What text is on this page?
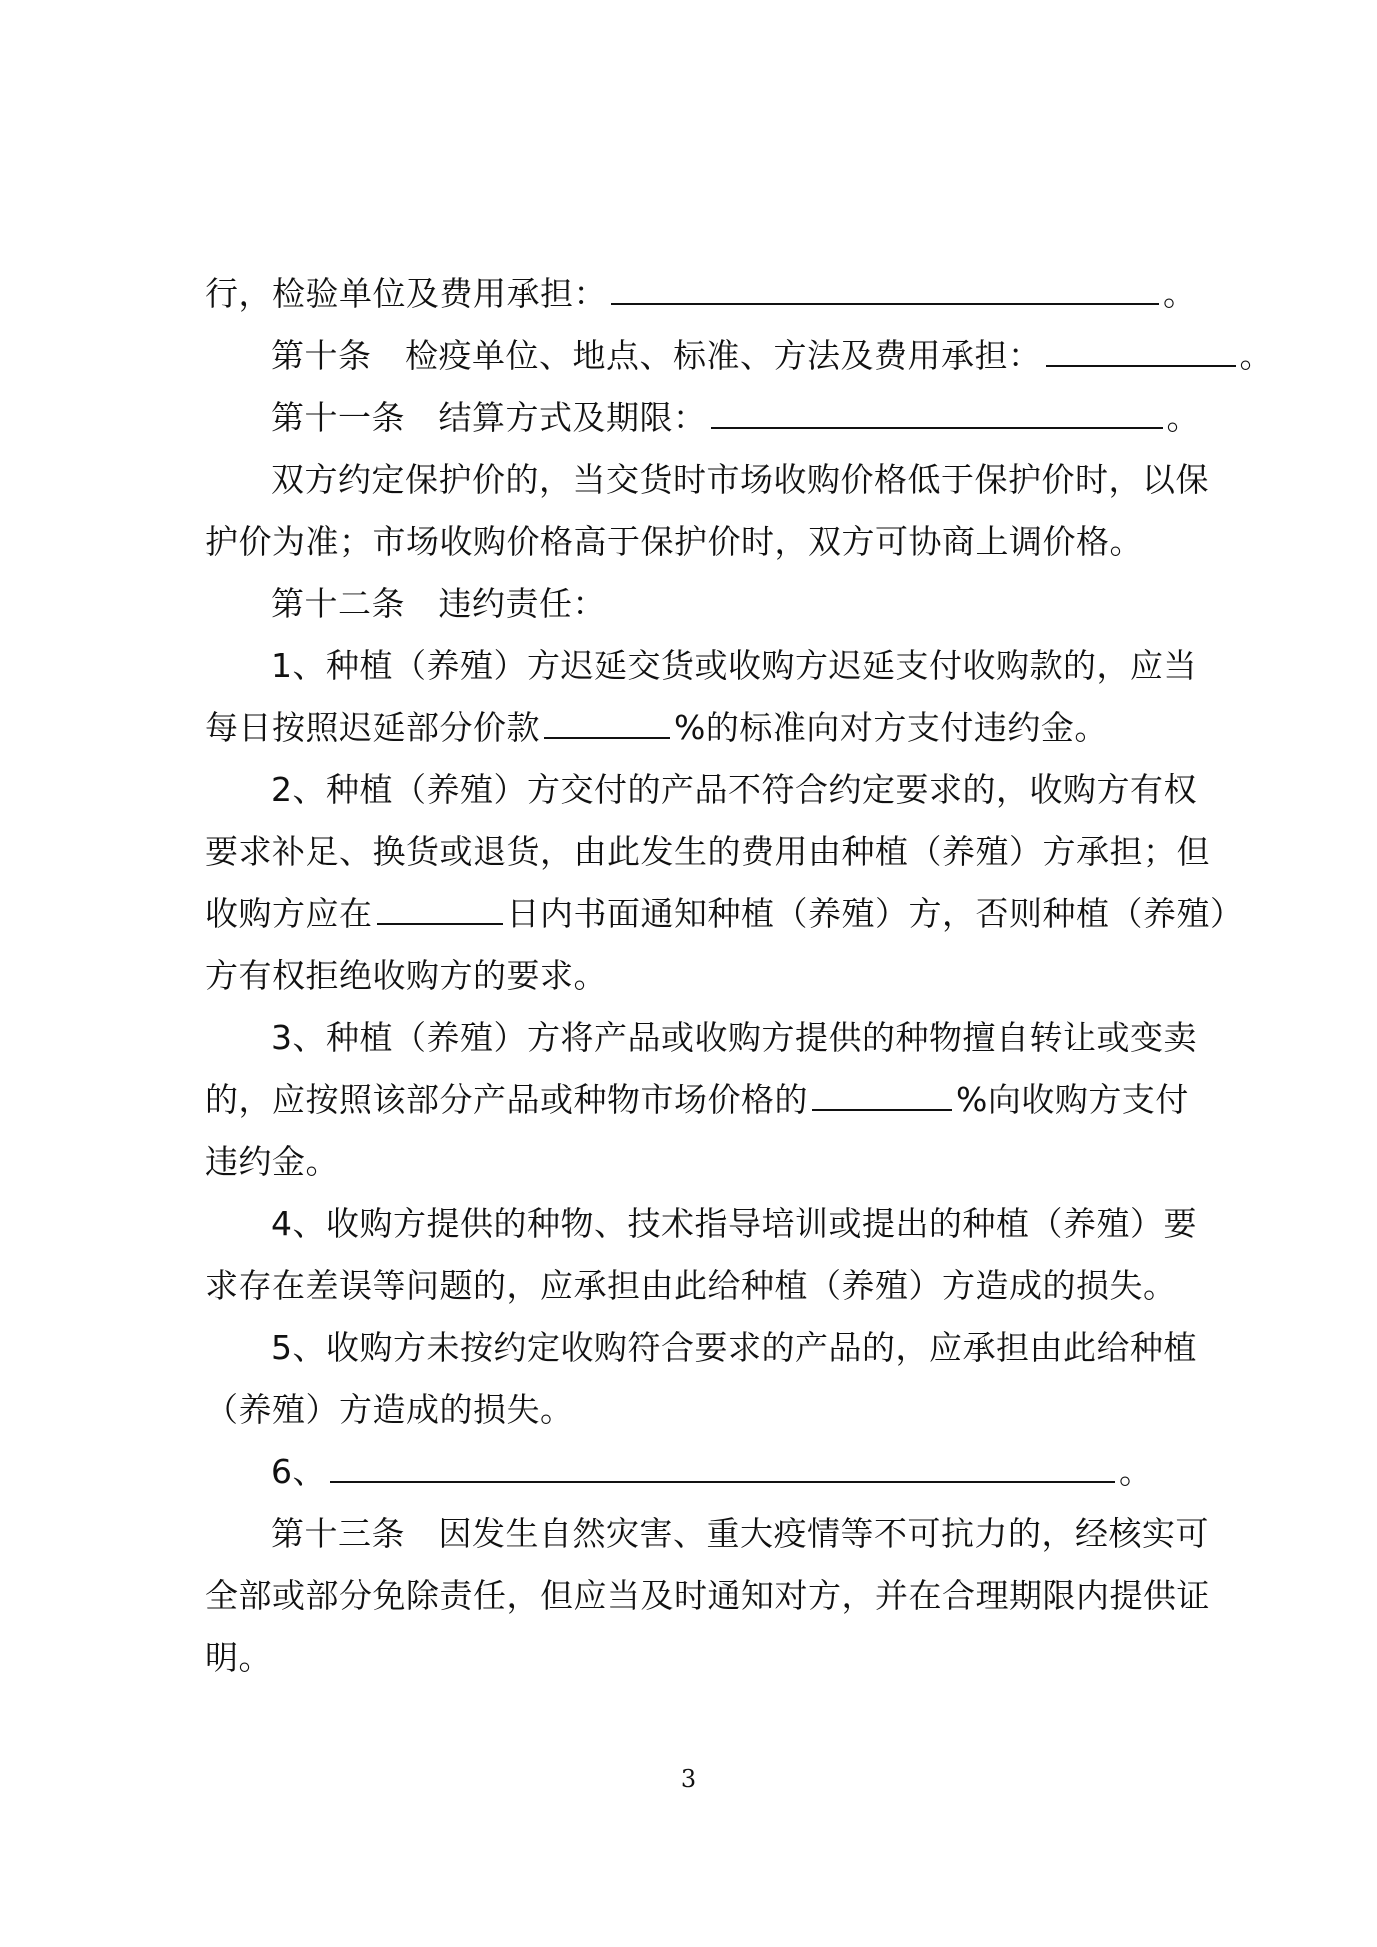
行，检验单位及费用承担：	。
第十条　检疫单位、地点、标准、方法及费用承担：	。
第十一条　结算方式及期限：	。
双方约定保护价的，当交货时市场收购价格低于保护价时，以保
护价为准；市场收购价格高于保护价时，双方可协商上调价格。
第十二条　违约责任：
1、种植（养殖）方迟延交货或收购方迟延支付收购款的，应当
每日按照迟延部分价款	%的标准向对方支付违约金。
2、种植（养殖）方交付的产品不符合约定要求的，收购方有权
要求补足、换货或退货，由此发生的费用由种植（养殖）方承担；但
收购方应在	日内书面通知种植（养殖）方，否则种植（养殖）
方有权拒绝收购方的要求。
3、种植（养殖）方将产品或收购方提供的种物擅自转让或变卖
的，应按照该部分产品或种物市场价格的	%向收购方支付
违约金。
4、收购方提供的种物、技术指导培训或提出的种植（养殖）要
求存在差误等问题的，应承担由此给种植（养殖）方造成的损失。
5、收购方未按约定收购符合要求的产品的，应承担由此给种植
（养殖）方造成的损失。
6、	。
第十三条　因发生自然灾害、重大疫情等不可抗力的，经核实可
全部或部分免除责任，但应当及时通知对方，并在合理期限内提供证
明。
3
